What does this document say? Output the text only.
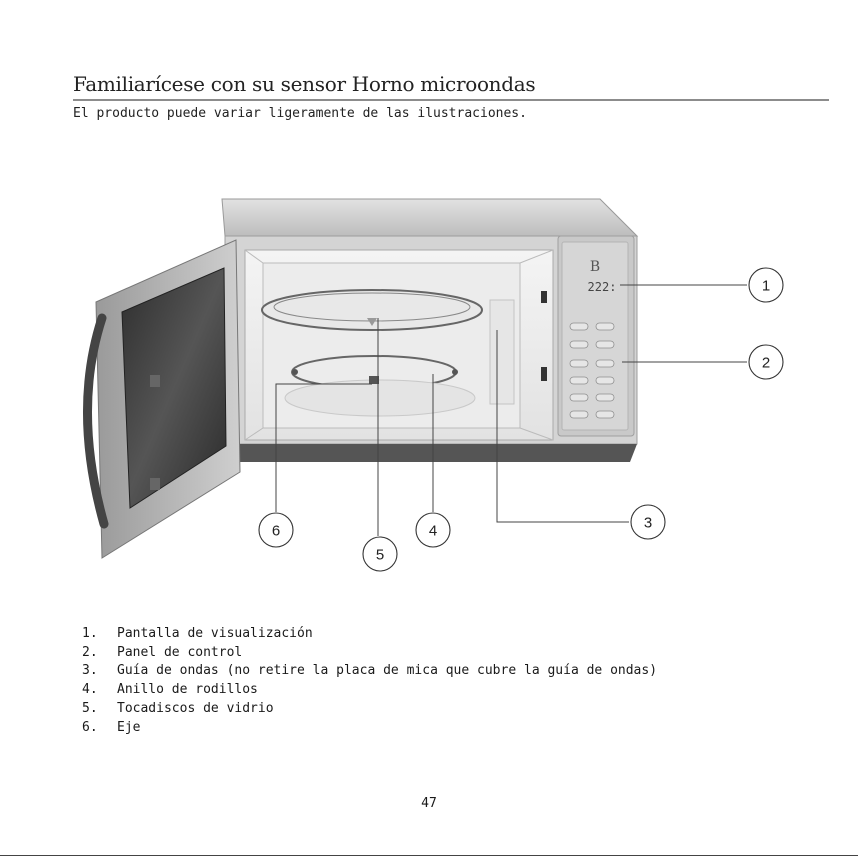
Familiarícese con su sensor Horno microondas
El producto puede variar ligeramente de las ilustraciones.
B
222:	1
2
3
4
5
6
1. Pantalla de visualización
2. Panel de control
3. Guía de ondas (no retire la placa de mica que cubre la guía de ondas)
4. Anillo de rodillos
5. Tocadiscos de vidrio
6. Eje
47
